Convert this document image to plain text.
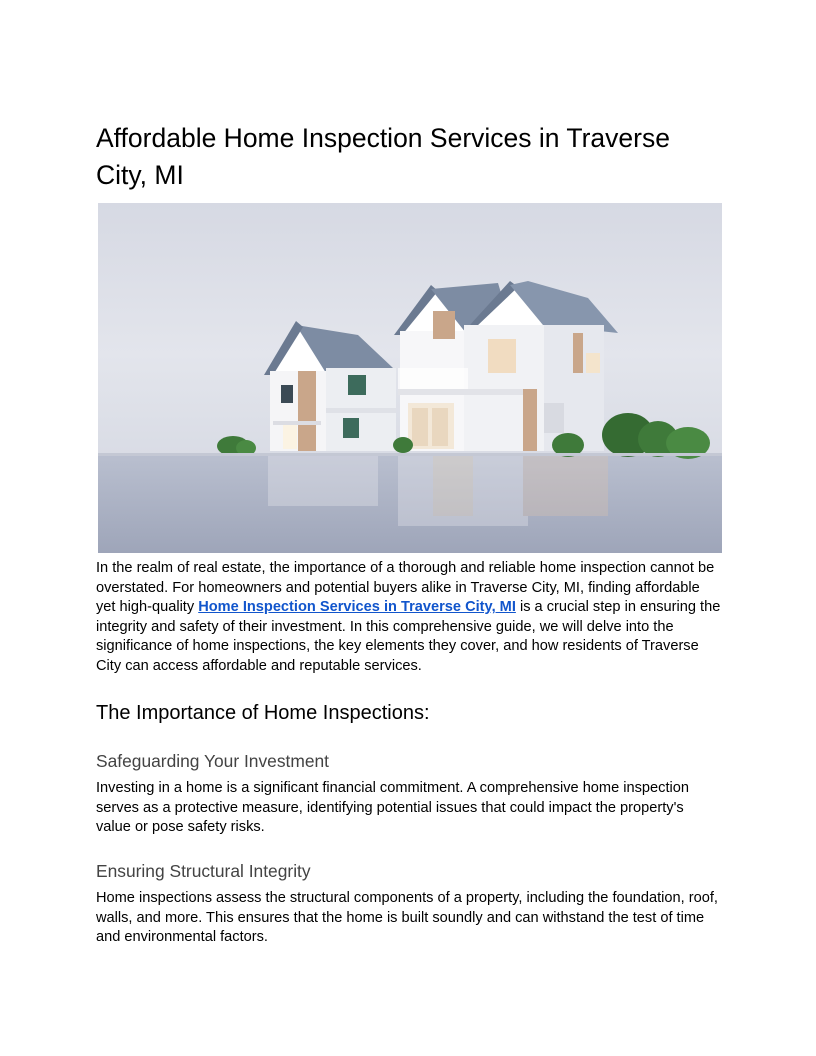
Affordable Home Inspection Services in Traverse City, MI

In the realm of real estate, the importance of a thorough and reliable home inspection cannot be overstated. For homeowners and potential buyers alike in Traverse City, MI, finding affordable yet high-quality Home Inspection Services in Traverse City, MI is a crucial step in ensuring the integrity and safety of their investment. In this comprehensive guide, we will delve into the significance of home inspections, the key elements they cover, and how residents of Traverse City can access affordable and reputable services.

The Importance of Home Inspections:
Safeguarding Your Investment

Investing in a home is a significant financial commitment. A comprehensive home inspection serves as a protective measure, identifying potential issues that could impact the property's value or pose safety risks.

Ensuring Structural Integrity

Home inspections assess the structural components of a property, including the foundation, roof, walls, and more. This ensures that the home is built soundly and can withstand the test of time and environmental factors.
